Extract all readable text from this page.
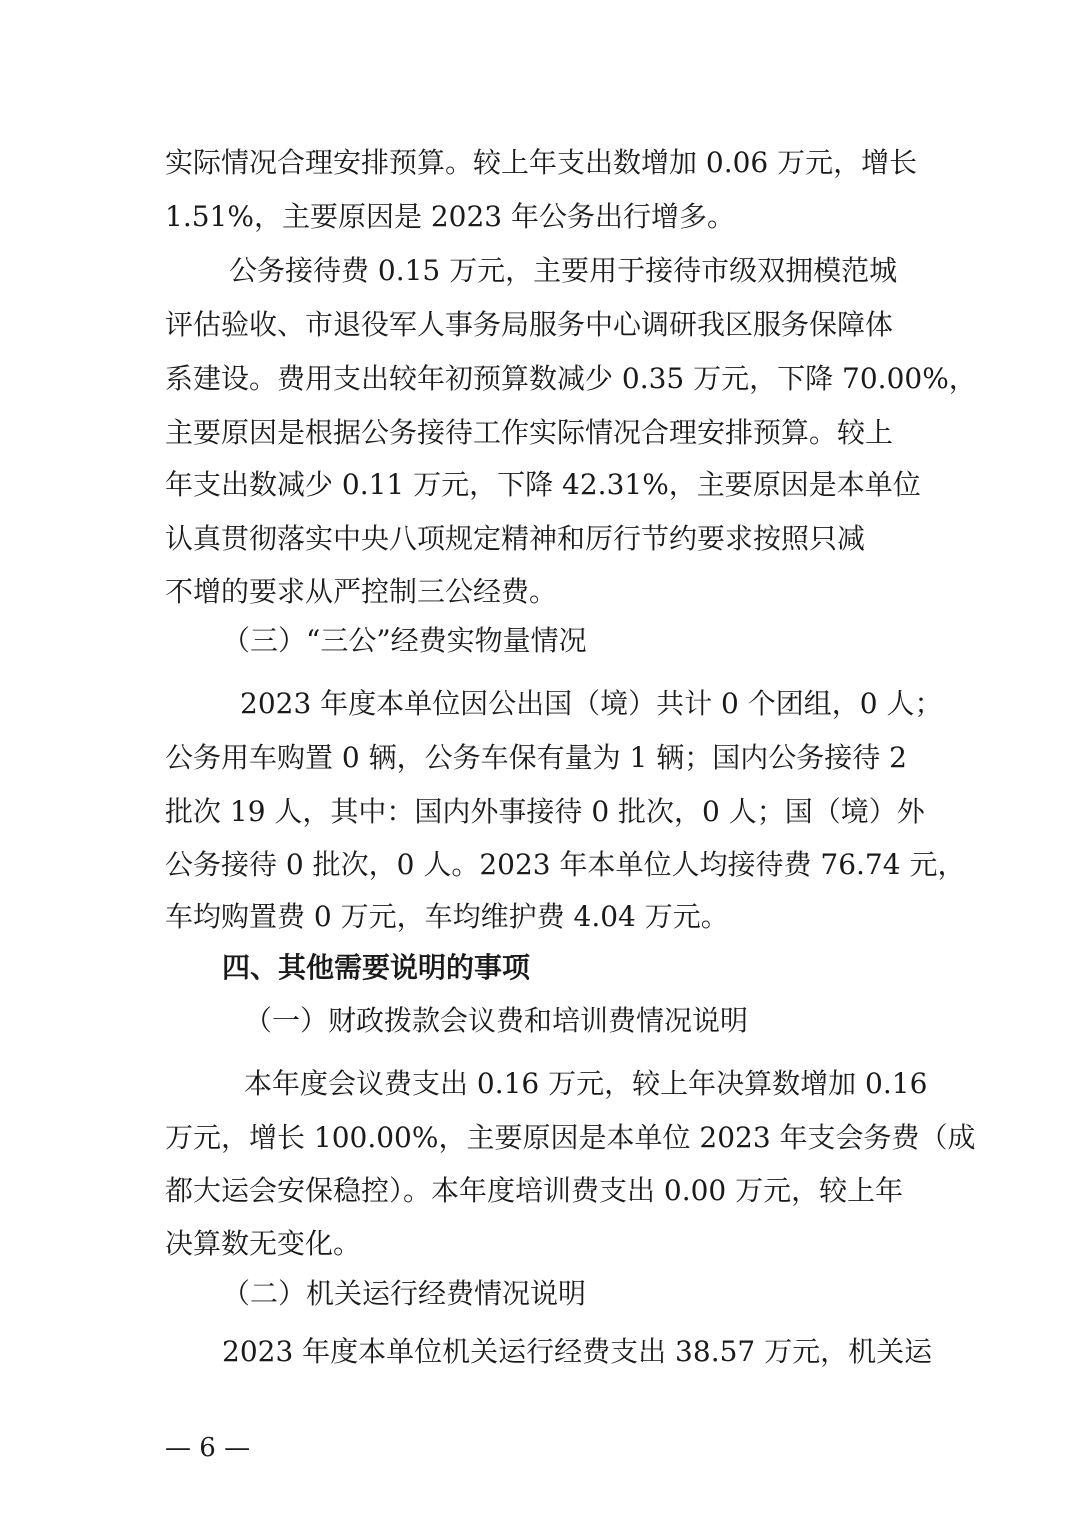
实际情况合理安排预算。较上年支出数增加 0.06 万元，增长
1.51%，主要原因是 2023 年公务出行增多。
公务接待费 0.15 万元，主要用于接待市级双拥模范城
评估验收、市退役军人事务局服务中心调研我区服务保障体
系建设。费用支出较年初预算数减少 0.35 万元，下降 70.00%，
主要原因是根据公务接待工作实际情况合理安排预算。较上
年支出数减少 0.11 万元，下降 42.31%，主要原因是本单位
认真贯彻落实中央八项规定精神和厉行节约要求按照只减
不增的要求从严控制三公经费。
（三）“三公”经费实物量情况
2023 年度本单位因公出国（境）共计 0 个团组，0 人；
公务用车购置 0 辆，公务车保有量为 1 辆；国内公务接待 2
批次 19 人，其中：国内外事接待 0 批次，0 人；国（境）外
公务接待 0 批次，0 人。2023 年本单位人均接待费 76.74 元，
车均购置费 0 万元，车均维护费 4.04 万元。
四、其他需要说明的事项
（一）财政拨款会议费和培训费情况说明
本年度会议费支出 0.16 万元，较上年决算数增加 0.16
万元，增长 100.00%，主要原因是本单位 2023 年支会务费（成
都大运会安保稳控）。本年度培训费支出 0.00 万元，较上年
决算数无变化。
（二）机关运行经费情况说明
2023 年度本单位机关运行经费支出 38.57 万元，机关运
— 6 —
